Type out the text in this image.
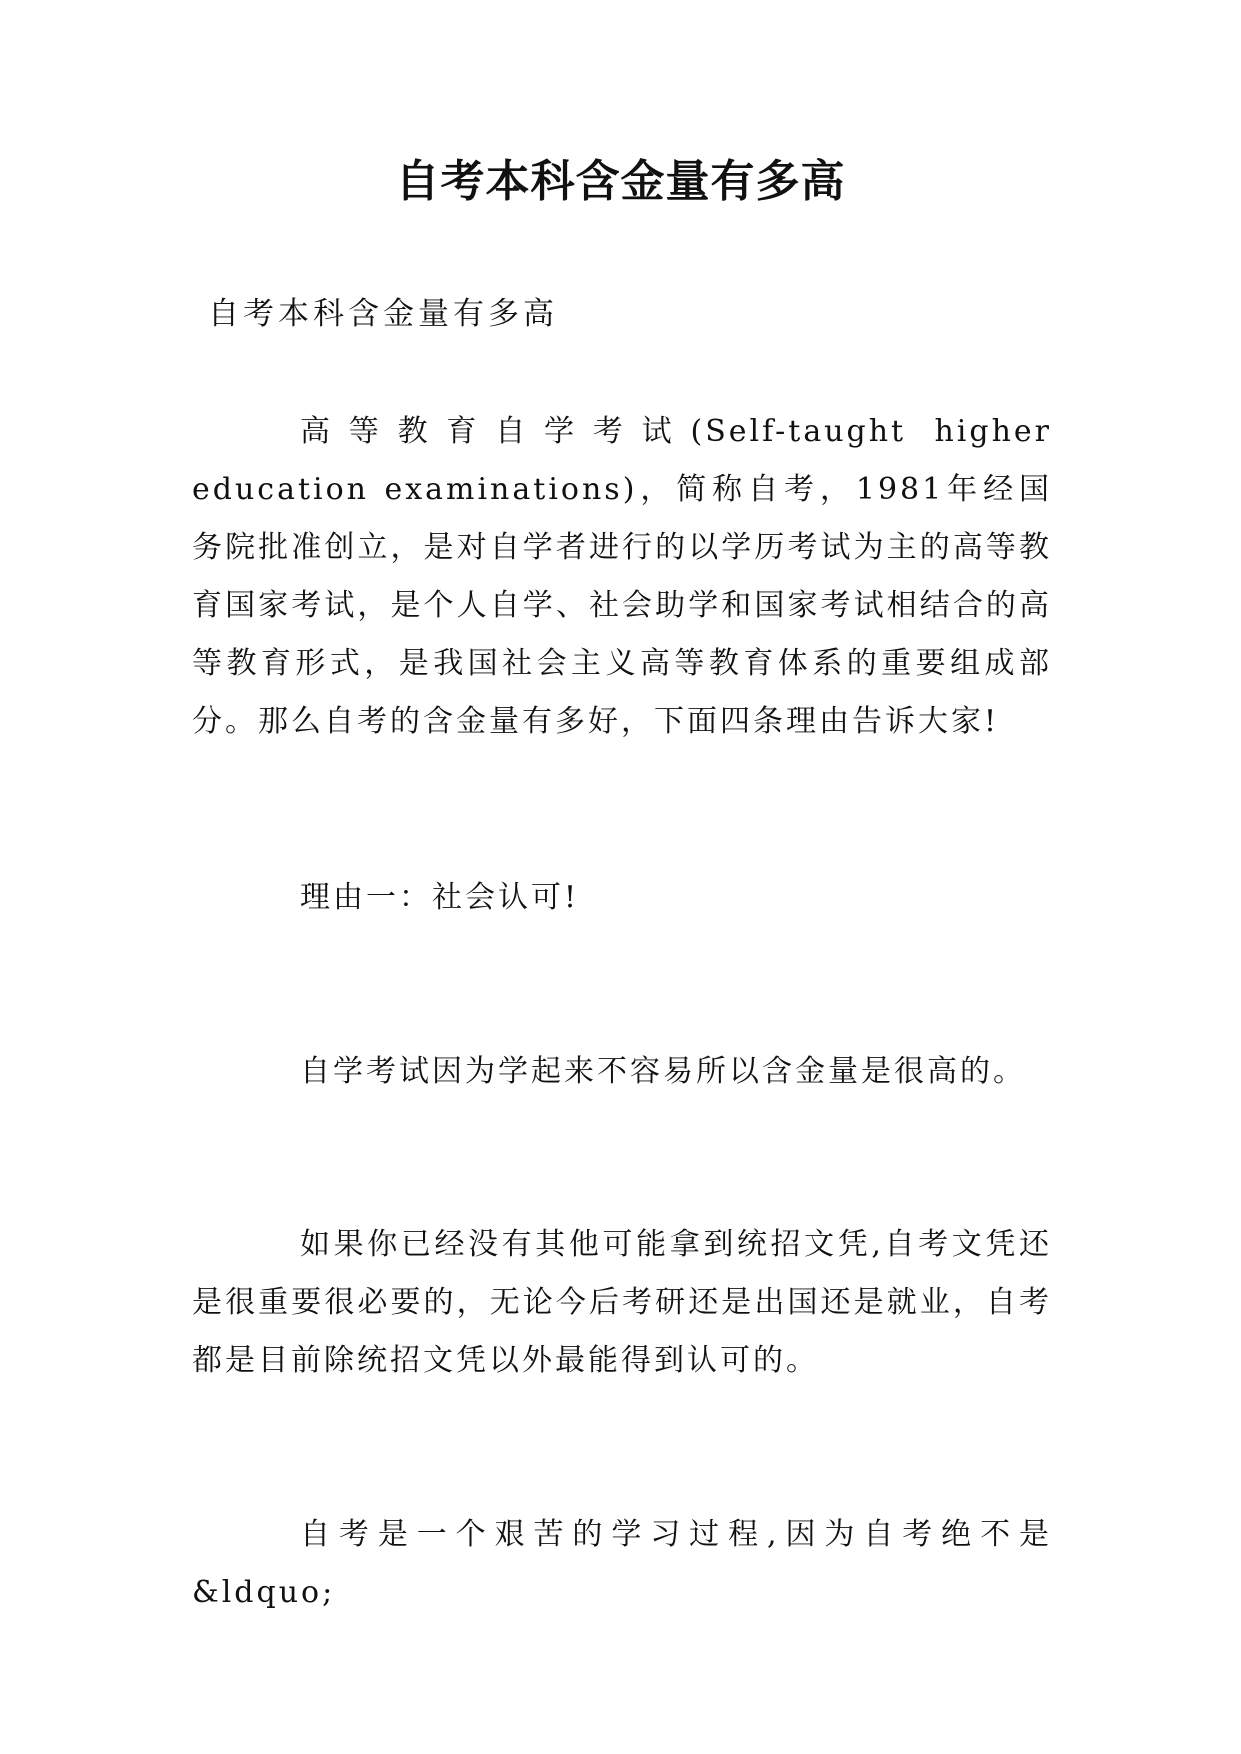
自考本科含金量有多高
自考本科含金量有多高
高等教育自学考试(Self-taught higher education examinations)，简称自考，1981年经国务院批准创立，是对自学者进行的以学历考试为主的高等教育国家考试，是个人自学、社会助学和国家考试相结合的高等教育形式，是我国社会主义高等教育体系的重要组成部分。那么自考的含金量有多好，下面四条理由告诉大家!
理由一：社会认可!
自学考试因为学起来不容易所以含金量是很高的。
如果你已经没有其他可能拿到统招文凭,自考文凭还是很重要很必要的，无论今后考研还是出国还是就业，自考都是目前除统招文凭以外最能得到认可的。
自考是一个艰苦的学习过程,因为自考绝不是&ldquo;
